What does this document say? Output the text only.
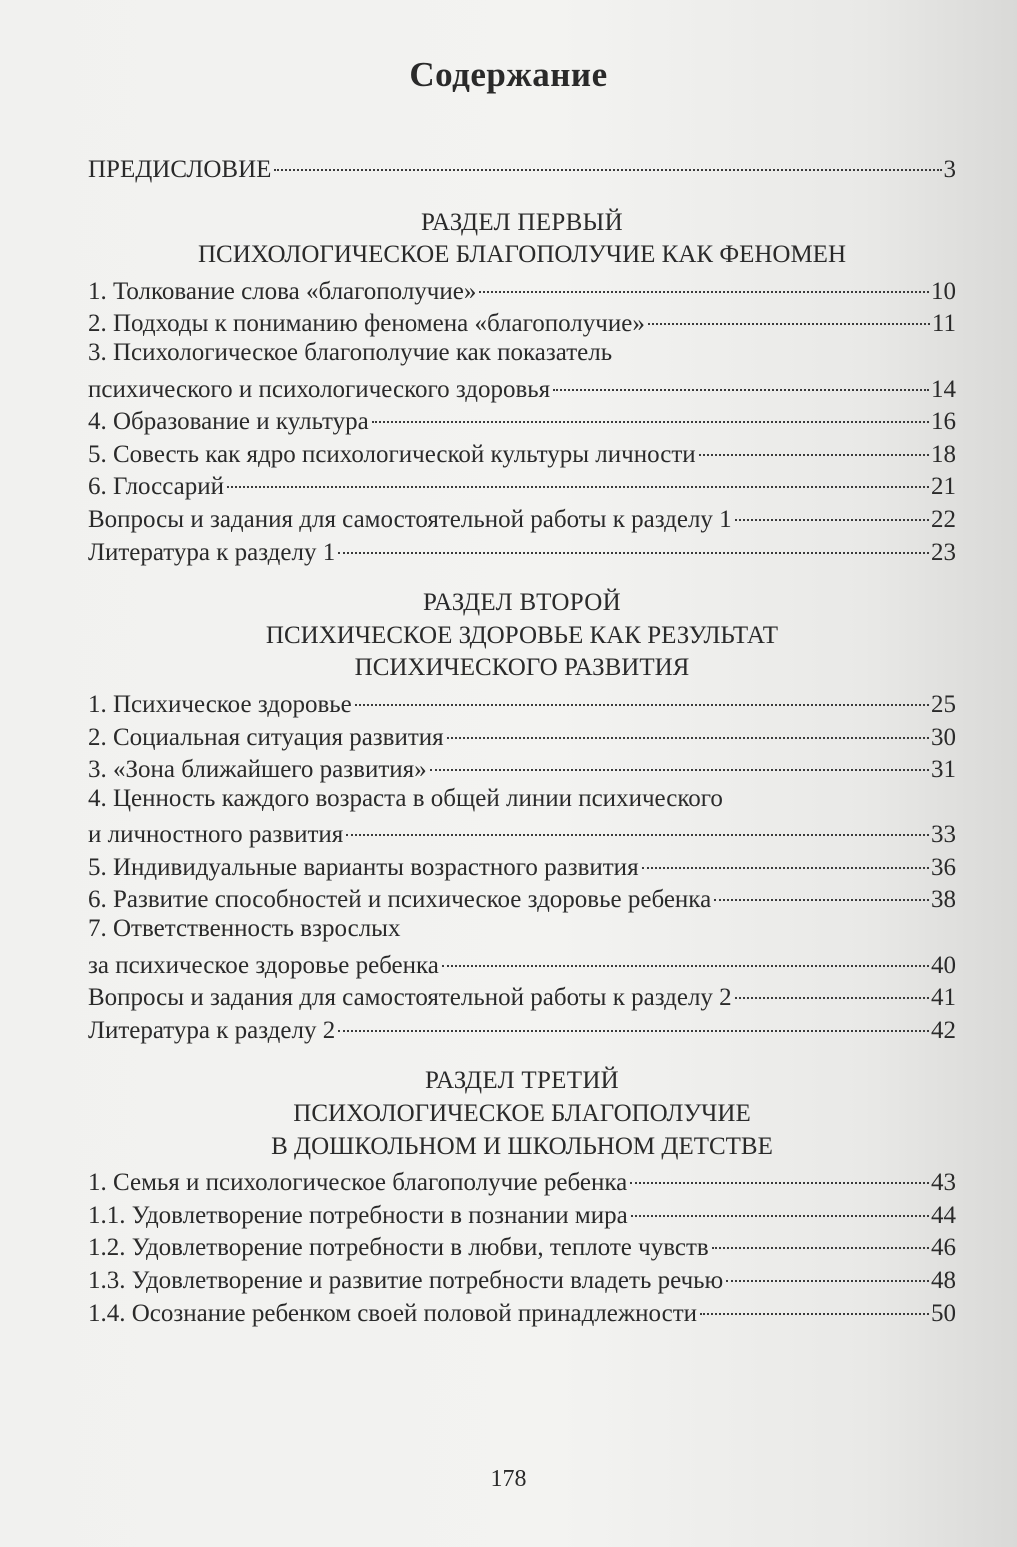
Содержание
ПРЕДИСЛОВИЕ	3
РАЗДЕЛ ПЕРВЫЙ
ПСИХОЛОГИЧЕСКОЕ БЛАГОПОЛУЧИЕ КАК ФЕНОМЕН
1. Толкование слова «благополучие»	10
2. Подходы к пониманию феномена «благополучие»	11
3. Психологическое благополучие как показатель
психического и психологического здоровья	14
4. Образование и культура	16
5. Совесть как ядро психологической культуры личности	18
6. Глоссарий	21
Вопросы и задания для самостоятельной работы к разделу 1	22
Литература к разделу 1	23
РАЗДЕЛ ВТОРОЙ
ПСИХИЧЕСКОЕ ЗДОРОВЬЕ КАК РЕЗУЛЬТАТ
ПСИХИЧЕСКОГО РАЗВИТИЯ
1. Психическое здоровье	25
2. Социальная ситуация развития	30
3. «Зона ближайшего развития»	31
4. Ценность каждого возраста в общей линии психического
и личностного развития	33
5. Индивидуальные варианты возрастного развития	36
6. Развитие способностей и психическое здоровье ребенка	38
7. Ответственность взрослых
за психическое здоровье ребенка	40
Вопросы и задания для самостоятельной работы к разделу 2	41
Литература к разделу 2	42
РАЗДЕЛ ТРЕТИЙ
ПСИХОЛОГИЧЕСКОЕ БЛАГОПОЛУЧИЕ
В ДОШКОЛЬНОМ И ШКОЛЬНОМ ДЕТСТВЕ
1. Семья и психологическое благополучие ребенка	43
1.1. Удовлетворение потребности в познании мира	44
1.2. Удовлетворение потребности в любви, теплоте чувств	46
1.3. Удовлетворение и развитие потребности владеть речью	48
1.4. Осознание ребенком своей половой принадлежности	50
178
